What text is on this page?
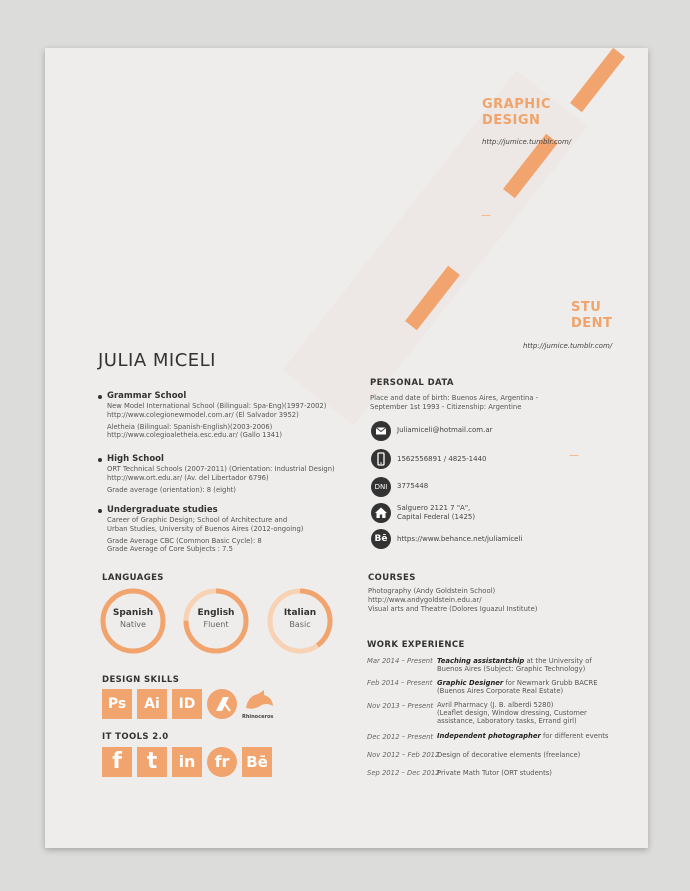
GRAPHIC
DESIGN
http://jumice.tumblr.com/
—
STU
DENT
http://jumice.tumblr.com/
—
JULIA MICELI
Grammar School
New Model International School (Bilingual: Spa-Eng)(1997-2002)
http://www.colegionewmodel.com.ar/ (El Salvador 3952)
Aletheia (Bilingual: Spanish-English)(2003-2006)
http://www.colegioaletheia.esc.edu.ar/ (Gallo 1341)
High School
ORT Technical Schools (2007-2011) (Orientation: Industrial Design)
http://www.ort.edu.ar/ (Av. del Libertador 6796)
Grade average (orientation): 8 (eight)
Undergraduate studies
Career of Graphic Design; School of Architecture and
Urban Studies, University of Buenos Aires (2012-ongoing)
Grade Average CBC (Common Basic Cycle): 8
Grade Average of Core Subjects : 7.5
LANGUAGES
Spanish
Native
English
Fluent
Italian
Basic
DESIGN SKILLS
Ps	Ai	ID
Rhinoceros
IT TOOLS 2.0
f	t	in	fr	Bē
PERSONAL DATA
Place and date of birth: Buenos Aires, Argentina -
September 1st 1993 - Citizenship: Argentine
Juliamiceli@hotmail.com.ar
1562556891 / 4825-1440
DNI	3775448
Salguero 2121 7 "A",
Capital Federal (1425)
Bē	https://www.behance.net/juliamiceli
COURSES
Photography (Andy Goldstein School)
http://www.andygoldstein.edu.ar/
Visual arts and Theatre (Dolores Iguazul Institute)
WORK EXPERIENCE
Mar 2014 – Present Teaching assistantship at the University of
Buenos Aires (Subject: Graphic Technology)
Feb 2014 – Present Graphic Designer for Newmark Grubb BACRE
(Buenos Aires Corporate Real Estate)
Nov 2013 – Present Avril Pharmacy (J. B. alberdi 5280)
(Leaflet design, Window dressing, Customer
assistance, Laboratory tasks, Errand girl)
Dec 2012 – Present Independent photographer for different events
Nov 2012 – Feb 2012
Design of decorative elements (freelance)
Sep 2012 – Dec 2012
Private Math Tutor (ORT students)
